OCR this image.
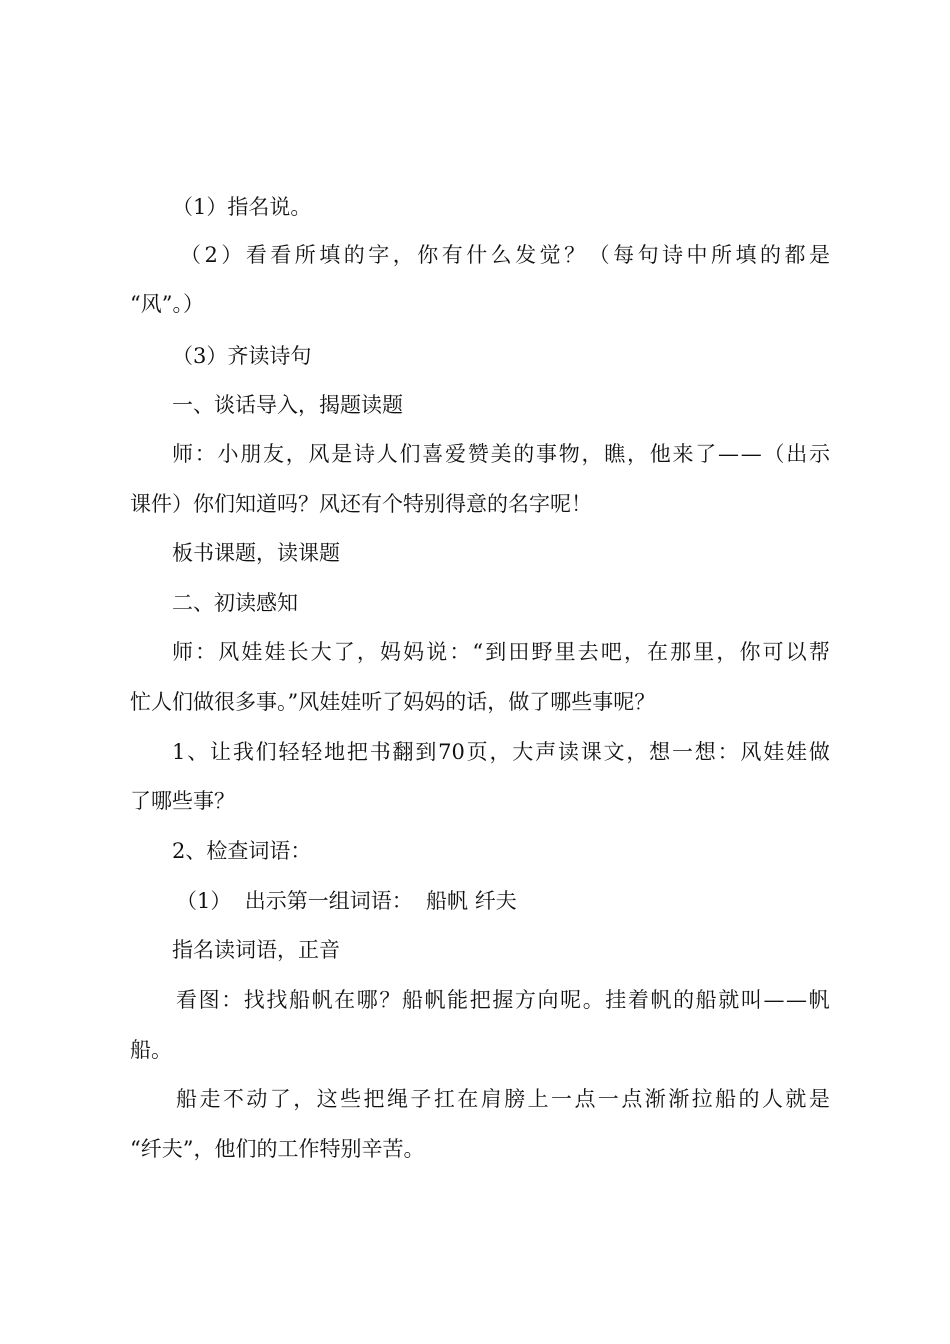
（1）指名说。
（ 2 ） 看 看 所 填 的 字 ， 你 有 什 么 发 觉 ？ （ 每 句 诗 中 所 填 的 都 是
“风”。）
（3）齐读诗句
一、谈话导入，揭题读题
师 ： 小 朋 友 ， 风 是 诗 人 们 喜 爱 赞 美 的 事 物 ， 瞧 ， 他 来 了 — — （ 出 示
课件）你们知道吗？风还有个特别得意的名字呢！
板书课题，读课题
二、初读感知
师 ： 风 娃 娃 长 大 了 ， 妈 妈 说 ： “ 到 田 野 里 去 吧 ， 在 那 里 ， 你 可 以 帮
忙人们做很多事。”风娃娃听了妈妈的话，做了哪些事呢？
1 、 让 我 们 轻 轻 地 把 书 翻 到 70 页 ， 大 声 读 课 文 ， 想 一 想 ： 风 娃 娃 做
了哪些事？
2、检查词语：
（1）  出示第一组词语：  船帆 纤夫
指名读词语，正音
看 图 ： 找 找 船 帆 在 哪 ？ 船 帆 能 把 握 方 向 呢 。 挂 着 帆 的 船 就 叫 — — 帆
船。
船 走 不 动 了 ， 这 些 把 绳 子 扛 在 肩 膀 上 一 点 一 点 渐 渐 拉 船 的 人 就 是
“纤夫”，他们的工作特别辛苦。
